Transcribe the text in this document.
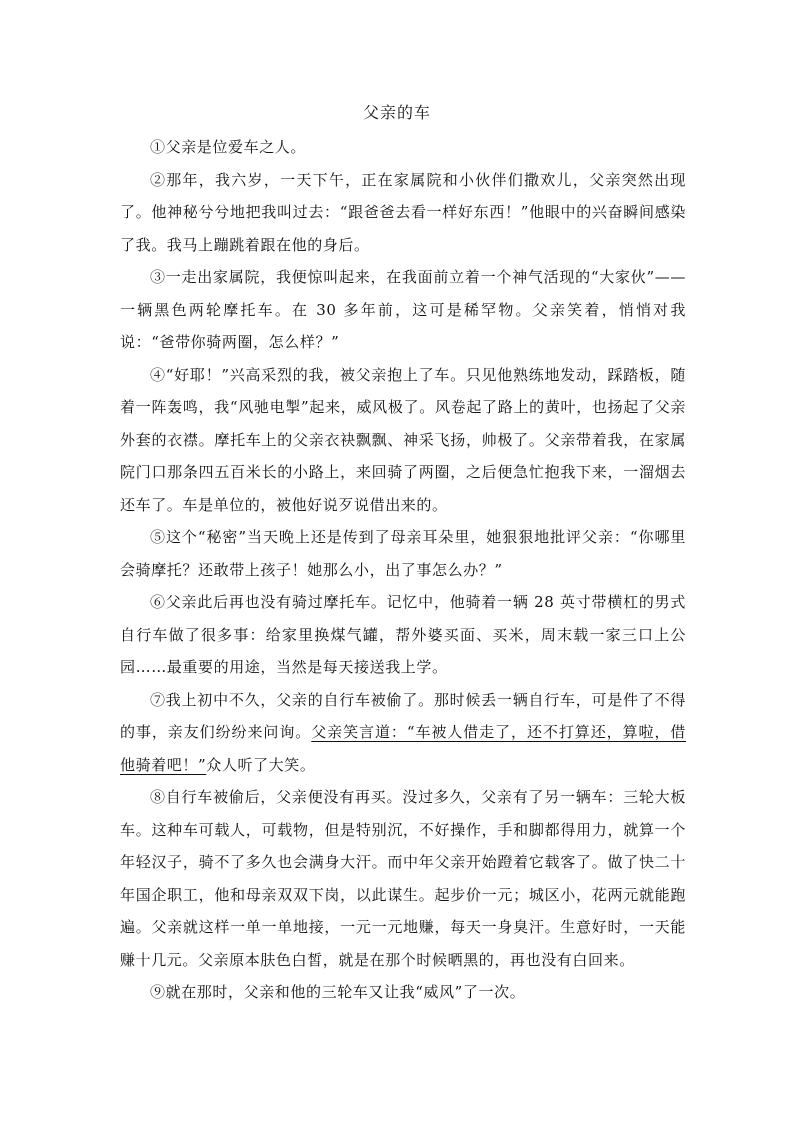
父亲的车

①父亲是位爱车之人。

②那年，我六岁，一天下午，正在家属院和小伙伴们撒欢儿，父亲突然出现了。他神秘兮兮地把我叫过去：“跟爸爸去看一样好东西！”他眼中的兴奋瞬间感染了我。我马上蹦跳着跟在他的身后。

③一走出家属院，我便惊叫起来，在我面前立着一个神气活现的“大家伙”——一辆黑色两轮摩托车。在 30 多年前，这可是稀罕物。父亲笑着，悄悄对我说：“爸带你骑两圈，怎么样？”

④“好耶！”兴高采烈的我，被父亲抱上了车。只见他熟练地发动，踩踏板，随着一阵轰鸣，我“风驰电掣”起来，威风极了。风卷起了路上的黄叶，也扬起了父亲外套的衣襟。摩托车上的父亲衣袂飘飘、神采飞扬，帅极了。父亲带着我，在家属院门口那条四五百米长的小路上，来回骑了两圈，之后便急忙抱我下来，一溜烟去还车了。车是单位的，被他好说歹说借出来的。

⑤这个“秘密”当天晚上还是传到了母亲耳朵里，她狠狠地批评父亲：“你哪里会骑摩托？还敢带上孩子！她那么小，出了事怎么办？”

⑥父亲此后再也没有骑过摩托车。记忆中，他骑着一辆 28 英寸带横杠的男式自行车做了很多事：给家里换煤气罐，帮外婆买面、买米，周末载一家三口上公园……最重要的用途，当然是每天接送我上学。

⑦我上初中不久，父亲的自行车被偷了。那时候丢一辆自行车，可是件了不得的事，亲友们纷纷来问询。父亲笑言道：“车被人借走了，还不打算还，算啦，借他骑着吧！”众人听了大笑。

⑧自行车被偷后，父亲便没有再买。没过多久，父亲有了另一辆车：三轮大板车。这种车可载人，可载物，但是特别沉，不好操作，手和脚都得用力，就算一个年轻汉子，骑不了多久也会满身大汗。而中年父亲开始蹬着它载客了。做了快二十年国企职工，他和母亲双双下岗，以此谋生。起步价一元；城区小，花两元就能跑遍。父亲就这样一单一单地接，一元一元地赚，每天一身臭汗。生意好时，一天能赚十几元。父亲原本肤色白皙，就是在那个时候晒黑的，再也没有白回来。

⑨就在那时，父亲和他的三轮车又让我“威风”了一次。
